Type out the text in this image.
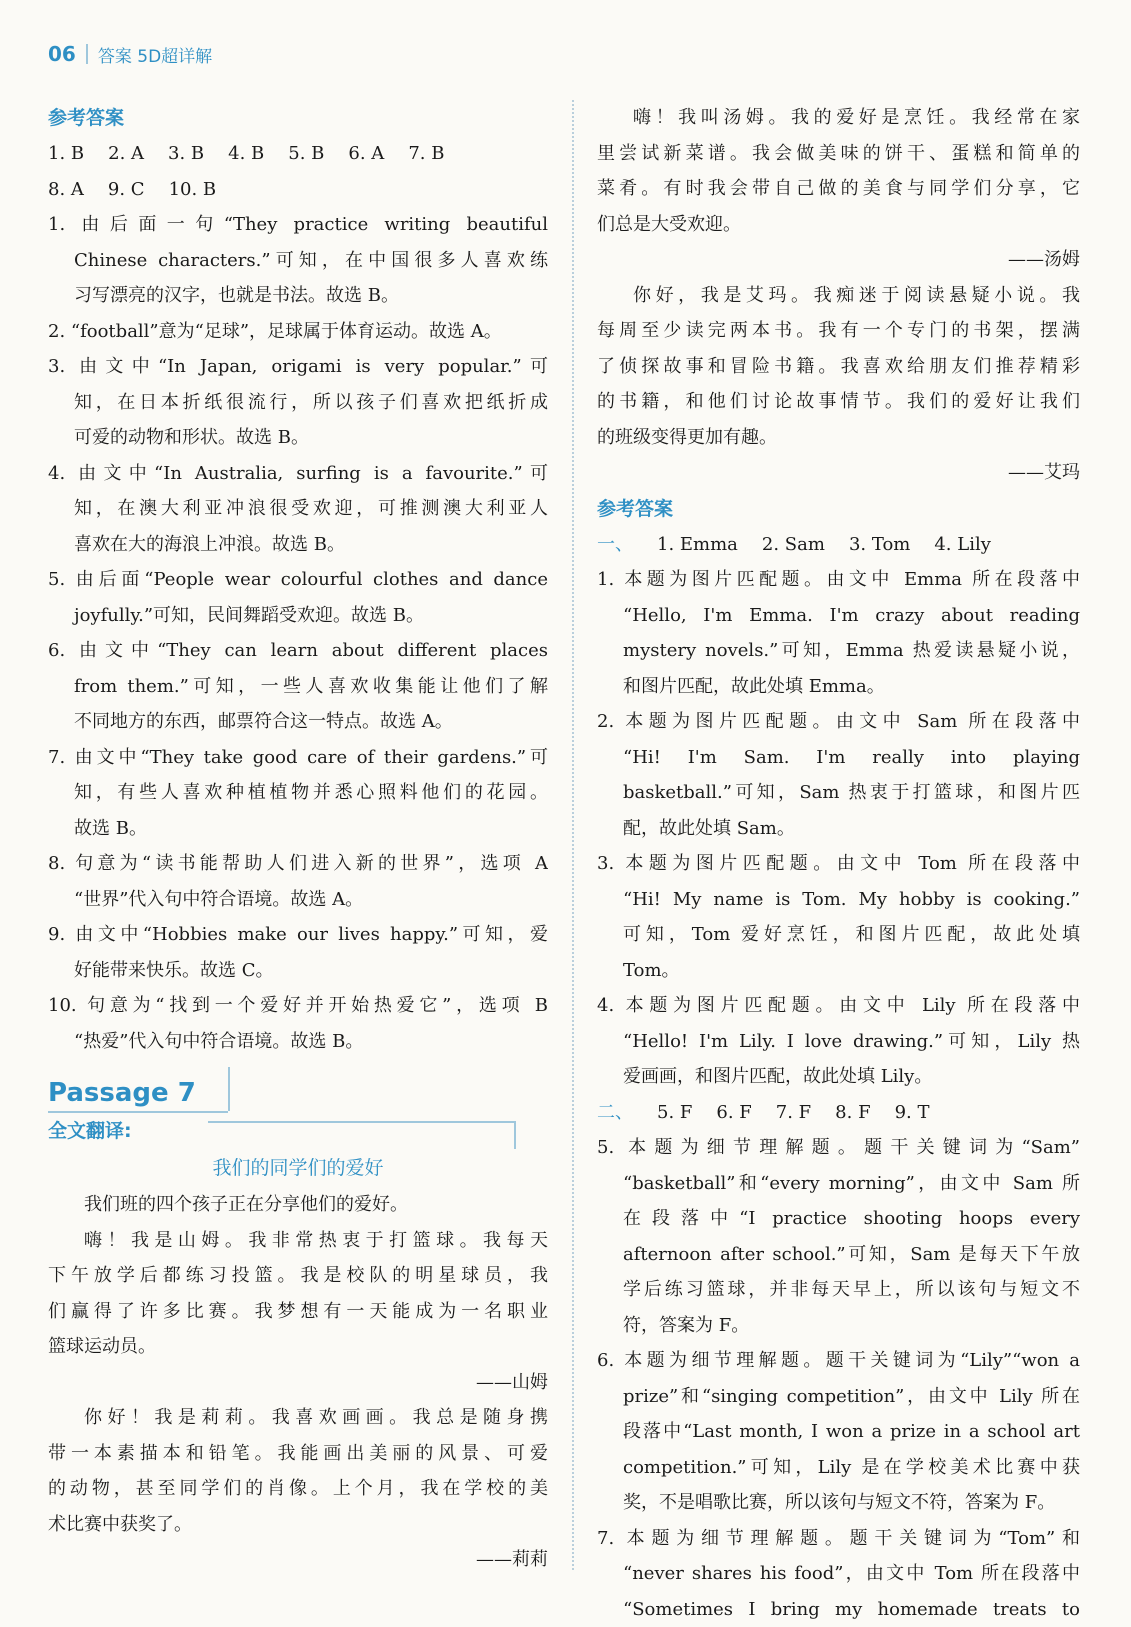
06 答案 5D超详解
参考答案
1. B 2. A 3. B 4. B 5. B 6. A 7. B
8. A 9. C 10. B
1. 由后面一句“They practice writing beautiful
Chinese characters.”可知，在中国很多人喜欢练
习写漂亮的汉字，也就是书法。故选 B。
2. “football”意为“足球”，足球属于体育运动。故选 A。
3. 由文中“In Japan, origami is very popular.”可
知，在日本折纸很流行，所以孩子们喜欢把纸折成
可爱的动物和形状。故选 B。
4. 由文中“In Australia, surfing is a favourite.”可
知，在澳大利亚冲浪很受欢迎，可推测澳大利亚人
喜欢在大的海浪上冲浪。故选 B。
5. 由后面“People wear colourful clothes and dance
joyfully.”可知，民间舞蹈受欢迎。故选 B。
6. 由文中“They can learn about different places
from them.”可知，一些人喜欢收集能让他们了解
不同地方的东西，邮票符合这一特点。故选 A。
7. 由文中“They take good care of their gardens.”可
知，有些人喜欢种植植物并悉心照料他们的花园。
故选 B。
8. 句意为“读书能帮助人们进入新的世界”，选项 A
“世界”代入句中符合语境。故选 A。
9. 由文中“Hobbies make our lives happy.”可知，爱
好能带来快乐。故选 C。
10. 句意为“找到一个爱好并开始热爱它”，选项 B
“热爱”代入句中符合语境。故选 B。
Passage 7
全文翻译:
我们的同学们的爱好
我们班的四个孩子正在分享他们的爱好。
嗨！我是山姆。我非常热衷于打篮球。我每天
下午放学后都练习投篮。我是校队的明星球员，我
们赢得了许多比赛。我梦想有一天能成为一名职业
篮球运动员。
——山姆
你好！我是莉莉。我喜欢画画。我总是随身携
带一本素描本和铅笔。我能画出美丽的风景、可爱
的动物，甚至同学们的肖像。上个月，我在学校的美
术比赛中获奖了。
——莉莉
嗨！我叫汤姆。我的爱好是烹饪。我经常在家
里尝试新菜谱。我会做美味的饼干、蛋糕和简单的
菜肴。有时我会带自己做的美食与同学们分享，它
们总是大受欢迎。
——汤姆
你好，我是艾玛。我痴迷于阅读悬疑小说。我
每周至少读完两本书。我有一个专门的书架，摆满
了侦探故事和冒险书籍。我喜欢给朋友们推荐精彩
的书籍，和他们讨论故事情节。我们的爱好让我们
的班级变得更加有趣。
——艾玛
参考答案
一、 1. Emma 2. Sam 3. Tom 4. Lily
1. 本题为图片匹配题。由文中 Emma 所在段落中
“Hello, I'm Emma. I'm crazy about reading
mystery novels.”可知，Emma 热爱读悬疑小说，
和图片匹配，故此处填 Emma。
2. 本题为图片匹配题。由文中 Sam 所在段落中
“Hi! I'm Sam. I'm really into playing
basketball.”可知，Sam 热衷于打篮球，和图片匹
配，故此处填 Sam。
3. 本题为图片匹配题。由文中 Tom 所在段落中
“Hi! My name is Tom. My hobby is cooking.”
可知，Tom 爱好烹饪，和图片匹配，故此处填
Tom。
4. 本题为图片匹配题。由文中 Lily 所在段落中
“Hello! I'm Lily. I love drawing.”可知，Lily 热
爱画画，和图片匹配，故此处填 Lily。
二、 5. F 6. F 7. F 8. F 9. T
5. 本题为细节理解题。题干关键词为“Sam”
“basketball”和“every morning”，由文中 Sam 所
在段落中“I practice shooting hoops every
afternoon after school.”可知，Sam 是每天下午放
学后练习篮球，并非每天早上，所以该句与短文不
符，答案为 F。
6. 本题为细节理解题。题干关键词为“Lily”“won a
prize”和“singing competition”，由文中 Lily 所在
段落中“Last month, I won a prize in a school art
competition.”可知，Lily 是在学校美术比赛中获
奖，不是唱歌比赛，所以该句与短文不符，答案为 F。
7. 本题为细节理解题。题干关键词为“Tom”和
“never shares his food”，由文中 Tom 所在段落中
“Sometimes I bring my homemade treats to
